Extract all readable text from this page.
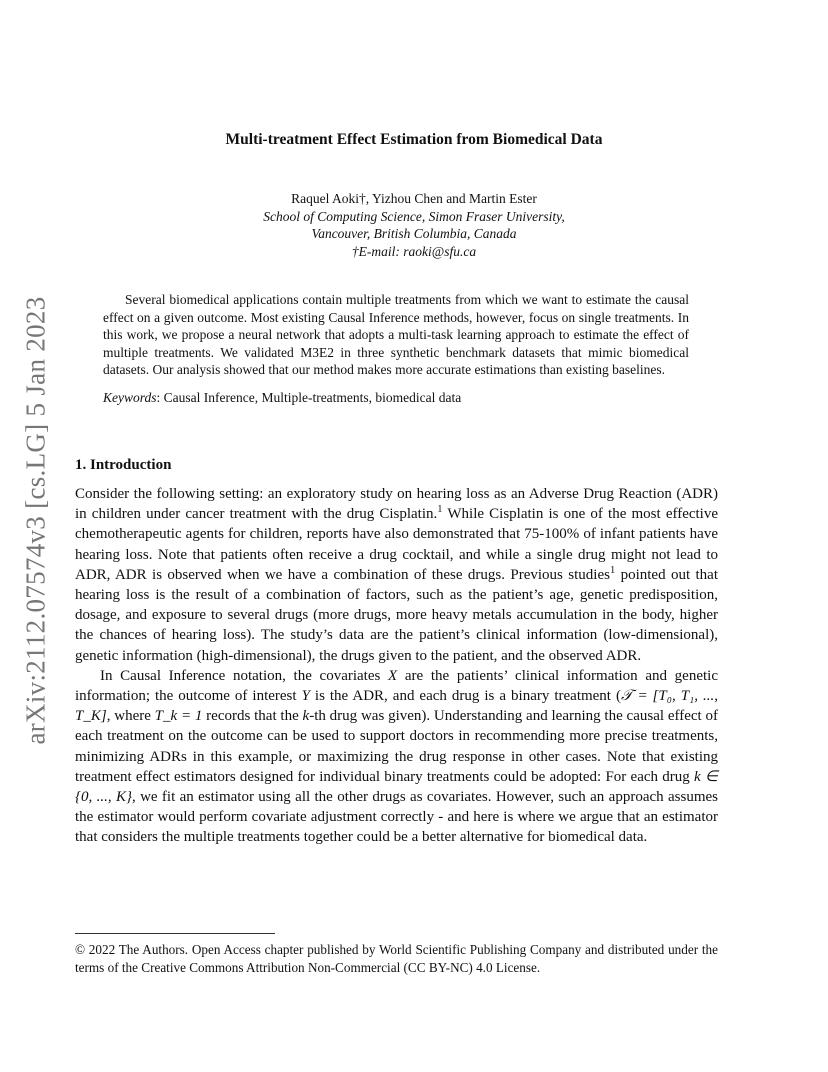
arXiv:2112.07574v3 [cs.LG] 5 Jan 2023
Multi-treatment Effect Estimation from Biomedical Data
Raquel Aoki†, Yizhou Chen and Martin Ester
School of Computing Science, Simon Fraser University,
Vancouver, British Columbia, Canada
†E-mail: raoki@sfu.ca

Several biomedical applications contain multiple treatments from which we want to estimate the causal effect on a given outcome. Most existing Causal Inference methods, however, focus on single treatments. In this work, we propose a neural network that adopts a multi-task learning approach to estimate the effect of multiple treatments. We validated M3E2 in three synthetic benchmark datasets that mimic biomedical datasets. Our analysis showed that our method makes more accurate estimations than existing baselines.

Keywords: Causal Inference, Multiple-treatments, biomedical data

1. Introduction

Consider the following setting: an exploratory study on hearing loss as an Adverse Drug Reaction (ADR) in children under cancer treatment with the drug Cisplatin.$^1$ While Cisplatin is one of the most effective chemotherapeutic agents for children, reports have also demonstrated that 75-100% of infant patients have hearing loss. Note that patients often receive a drug cocktail, and while a single drug might not lead to ADR, ADR is observed when we have a combination of these drugs. Previous studies$^1$ pointed out that hearing loss is the result of a combination of factors, such as the patient’s age, genetic predisposition, dosage, and exposure to several drugs (more drugs, more heavy metals accumulation in the body, higher the chances of hearing loss). The study’s data are the patient’s clinical information (low-dimensional), genetic information (high-dimensional), the drugs given to the patient, and the observed ADR.

In Causal Inference notation, the covariates X are the patients’ clinical information and genetic information; the outcome of interest Y is the ADR, and each drug is a binary treatment (𝒯 = [T₀, T₁, ..., T_K], where T_k = 1 records that the k-th drug was given). Understanding and learning the causal effect of each treatment on the outcome can be used to support doctors in recommending more precise treatments, minimizing ADRs in this example, or maximizing the drug response in other cases. Note that existing treatment effect estimators designed for individual binary treatments could be adopted: For each drug k ∈ {0, ..., K}, we fit an estimator using all the other drugs as covariates. However, such an approach assumes the estimator would perform covariate adjustment correctly - and here is where we argue that an estimator that considers the multiple treatments together could be a better alternative for biomedical data.

© 2022 The Authors. Open Access chapter published by World Scientific Publishing Company and distributed under the terms of the Creative Commons Attribution Non-Commercial (CC BY-NC) 4.0 License.
